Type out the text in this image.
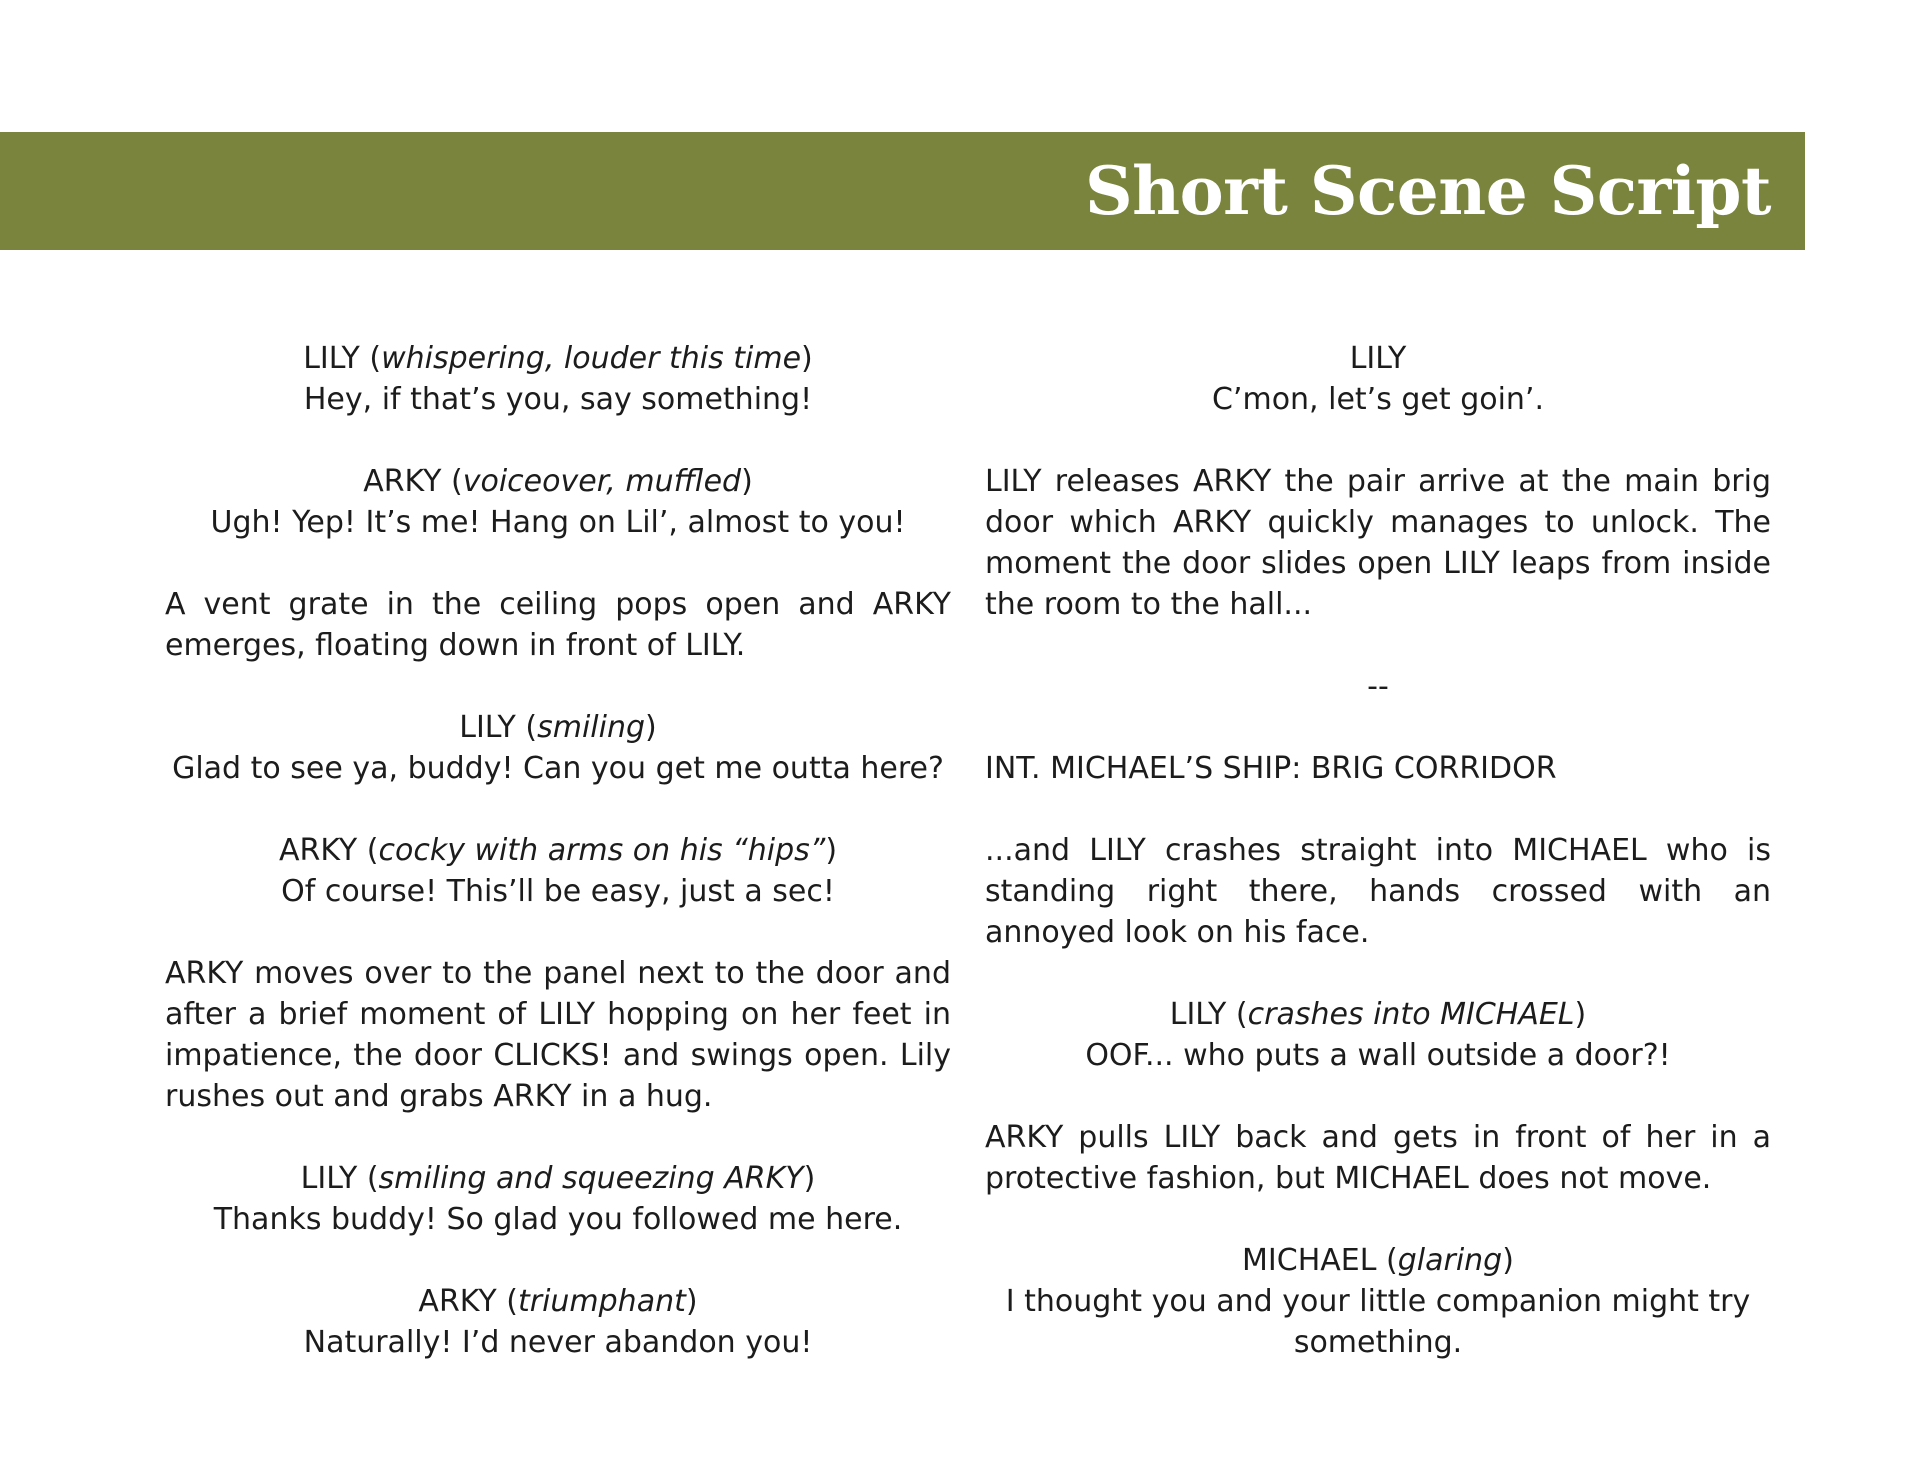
Short Scene Script
LILY (whispering, louder this time)
Hey, if that’s you, say something!
ARKY (voiceover, muffled)
Ugh! Yep! It’s me! Hang on Lil’, almost to you!

A vent grate in the ceiling pops open and ARKY emerges, floating down in front of LILY.

LILY (smiling)
Glad to see ya, buddy! Can you get me outta here?
ARKY (cocky with arms on his “hips”)
Of course! This’ll be easy, just a sec!

ARKY moves over to the panel next to the door and after a brief moment of LILY hopping on her feet in impatience, the door CLICKS! and swings open. Lily rushes out and grabs ARKY in a hug.

LILY (smiling and squeezing ARKY)
Thanks buddy! So glad you followed me here.
ARKY (triumphant)
Naturally! I’d never abandon you!
LILY
C’mon, let’s get goin’.

LILY releases ARKY the pair arrive at the main brig door which ARKY quickly manages to unlock. The moment the door slides open LILY leaps from inside the room to the hall...

--

INT. MICHAEL’S SHIP: BRIG CORRIDOR

...and LILY crashes straight into MICHAEL who is standing right there, hands crossed with an annoyed look on his face.

LILY (crashes into MICHAEL)
OOF... who puts a wall outside a door?!

ARKY pulls LILY back and gets in front of her in a protective fashion, but MICHAEL does not move.

MICHAEL (glaring)
I thought you and your little companion might try something.
